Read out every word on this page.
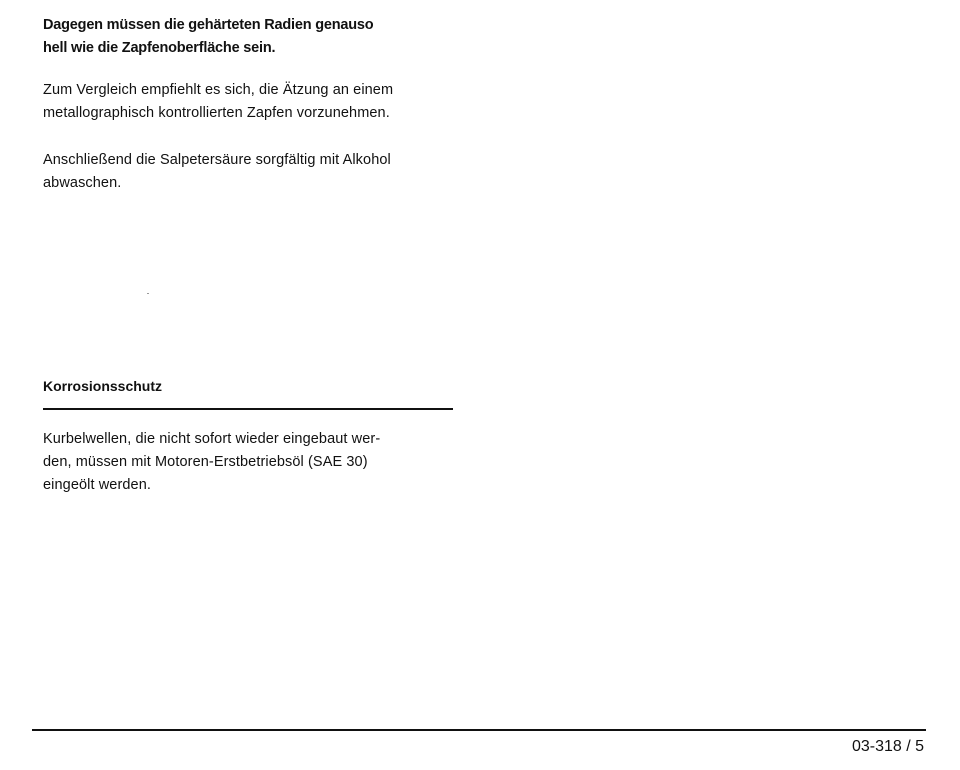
Dagegen müssen die gehärteten Radien genauso
hell wie die Zapfenoberfläche sein.

Zum Vergleich empfiehlt es sich, die Ätzung an einem
metallographisch kontrollierten Zapfen vorzunehmen.

Anschließend die Salpetersäure sorgfältig mit Alkohol
abwaschen.

Korrosionsschutz

Kurbelwellen, die nicht sofort wieder eingebaut wer-
den, müssen mit Motoren-Erstbetriebsöl (SAE 30)
eingeölt werden.

03-318 / 5
